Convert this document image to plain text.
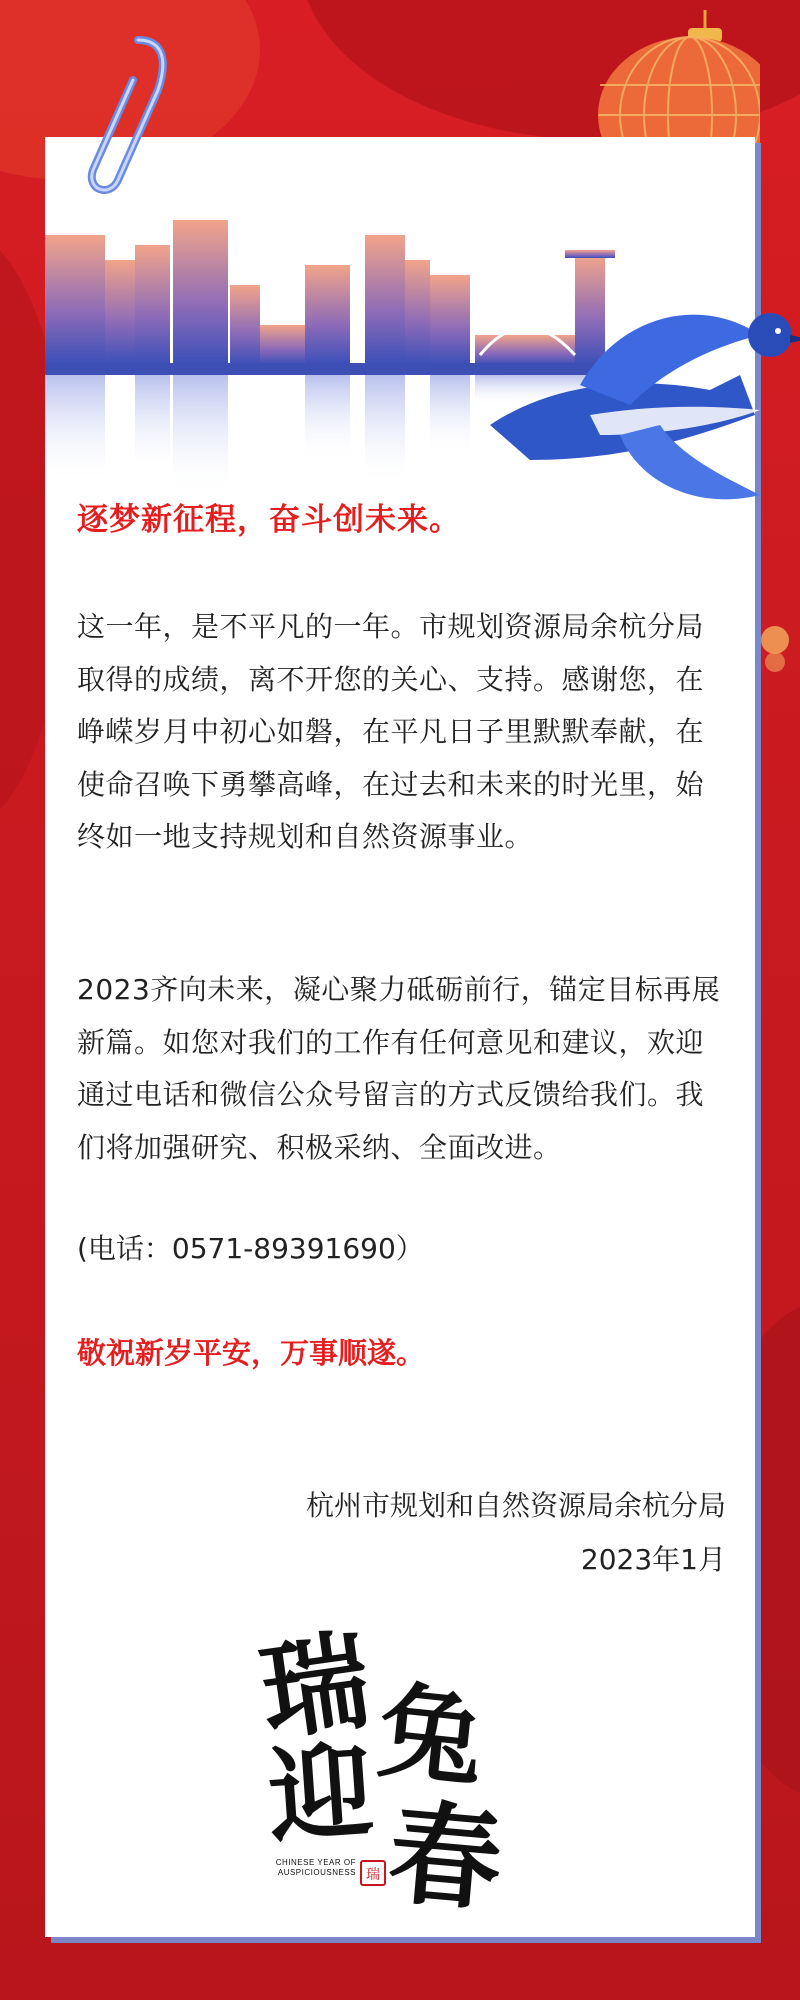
逐梦新征程，奋斗创未来。
这一年，是不平凡的一年。市规划资源局余杭分局取得的成绩，离不开您的关心、支持。感谢您，在峥嵘岁月中初心如磐，在平凡日子里默默奉献，在使命召唤下勇攀高峰，在过去和未来的时光里，始终如一地支持规划和自然资源事业。
2023齐向未来，凝心聚力砥砺前行，锚定目标再展新篇。如您对我们的工作有任何意见和建议，欢迎通过电话和微信公众号留言的方式反馈给我们。我们将加强研究、积极采纳、全面改进。
(电话：0571-89391690）
敬祝新岁平安，万事顺遂。
杭州市规划和自然资源局余杭分局
2023年1月
瑞
兔
迎 春
CHINESE YEAR OF AUSPICIOUSNESS 瑞
